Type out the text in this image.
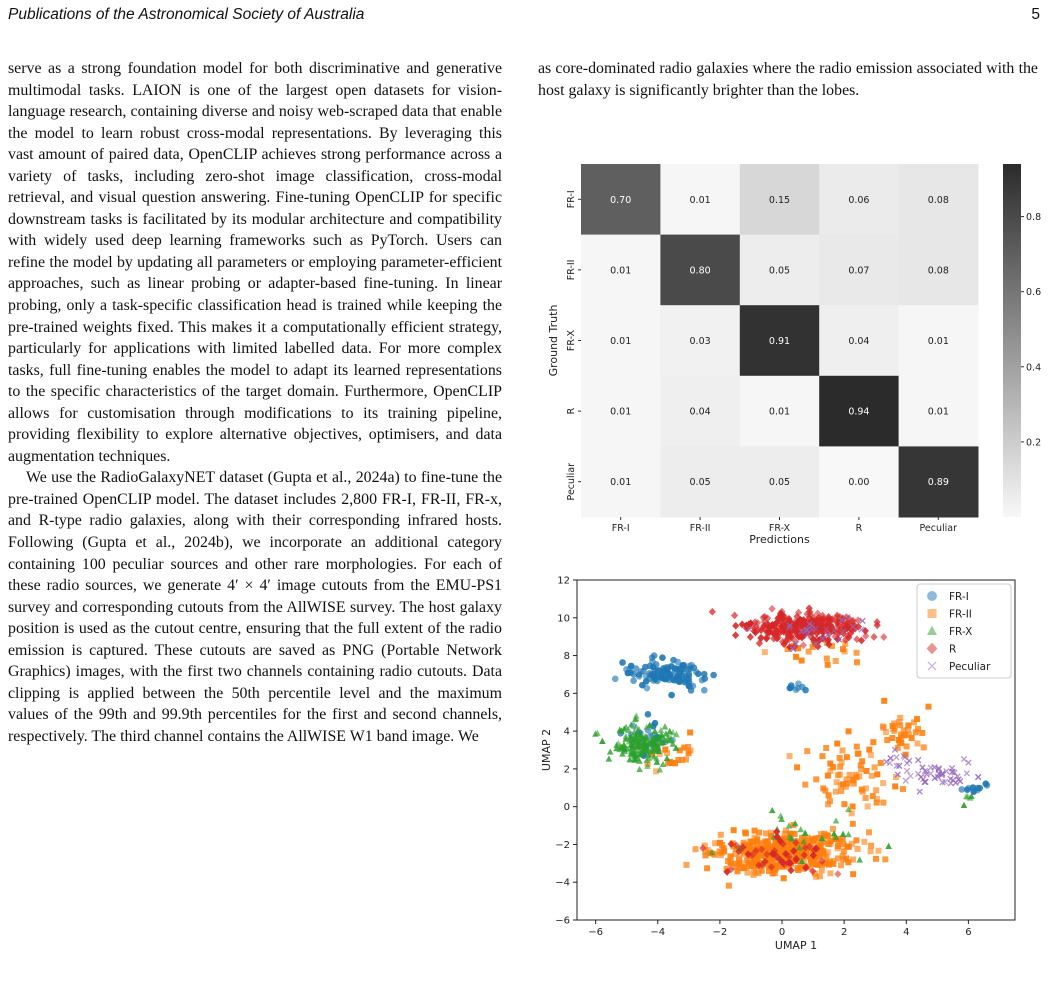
Publications of the Astronomical Society of Australia	5

serve as a strong foundation model for both discriminative and generative multimodal tasks. LAION is one of the largest open datasets for vision-language research, containing diverse and noisy web-scraped data that enable the model to learn robust cross-modal representations. By leveraging this vast amount of paired data, OpenCLIP achieves strong performance across a variety of tasks, including zero-shot image classification, cross-modal retrieval, and visual question answering. Fine-tuning OpenCLIP for specific downstream tasks is facilitated by its modular architecture and compatibility with widely used deep learning frameworks such as PyTorch. Users can refine the model by updating all parameters or employing parameter-efficient approaches, such as linear probing or adapter-based fine-tuning. In linear probing, only a task-specific classification head is trained while keeping the pre-trained weights fixed. This makes it a computationally efficient strategy, particularly for applications with limited labelled data. For more complex tasks, full fine-tuning enables the model to adapt its learned representations to the specific characteristics of the target domain. Furthermore, OpenCLIP allows for customisation through modifications to its training pipeline, providing flexibility to explore alternative objectives, optimisers, and data augmentation techniques.

We use the RadioGalaxyNET dataset (Gupta et al., 2024a) to fine-tune the pre-trained OpenCLIP model. The dataset includes 2,800 FR-I, FR-II, FR-x, and R-type radio galaxies, along with their corresponding infrared hosts. Following (Gupta et al., 2024b), we incorporate an additional category containing 100 peculiar sources and other rare morphologies. For each of these radio sources, we generate 4′ × 4′ image cutouts from the EMU-PS1 survey and corresponding cutouts from the AllWISE survey. The host galaxy position is used as the cutout centre, ensuring that the full extent of the radio emission is captured. These cutouts are saved as PNG (Portable Network Graphics) images, with the first two channels containing radio cutouts. Data clipping is applied between the 50th percentile level and the maximum values of the 99th and 99.9th percentiles for the first and second channels, respectively. The third channel contains the AllWISE W1 band image. We

as core-dominated radio galaxies where the radio emission associated with the host galaxy is significantly brighter than the lobes.
0.70	0.01	0.15	0.06	0.08
0.01	0.80	0.05	0.07	0.08
0.01	0.03	0.91	0.04	0.01
0.01	0.04	0.01	0.94	0.01
0.01	0.05	0.05	0.00	0.89
FR-I	FR-II	FR-X	R	Peculiar
FR-I
FR-II
FR-X
R
Peculiar
Predictions
Ground Truth
0.2
0.4
0.6
0.8
−6	−4	−2	0	2	4	6
−6
−4
−2
0
2
4
6
8
10
12
UMAP 1
UMAP 2
FR-I
FR-II
FR-X
R
Peculiar
